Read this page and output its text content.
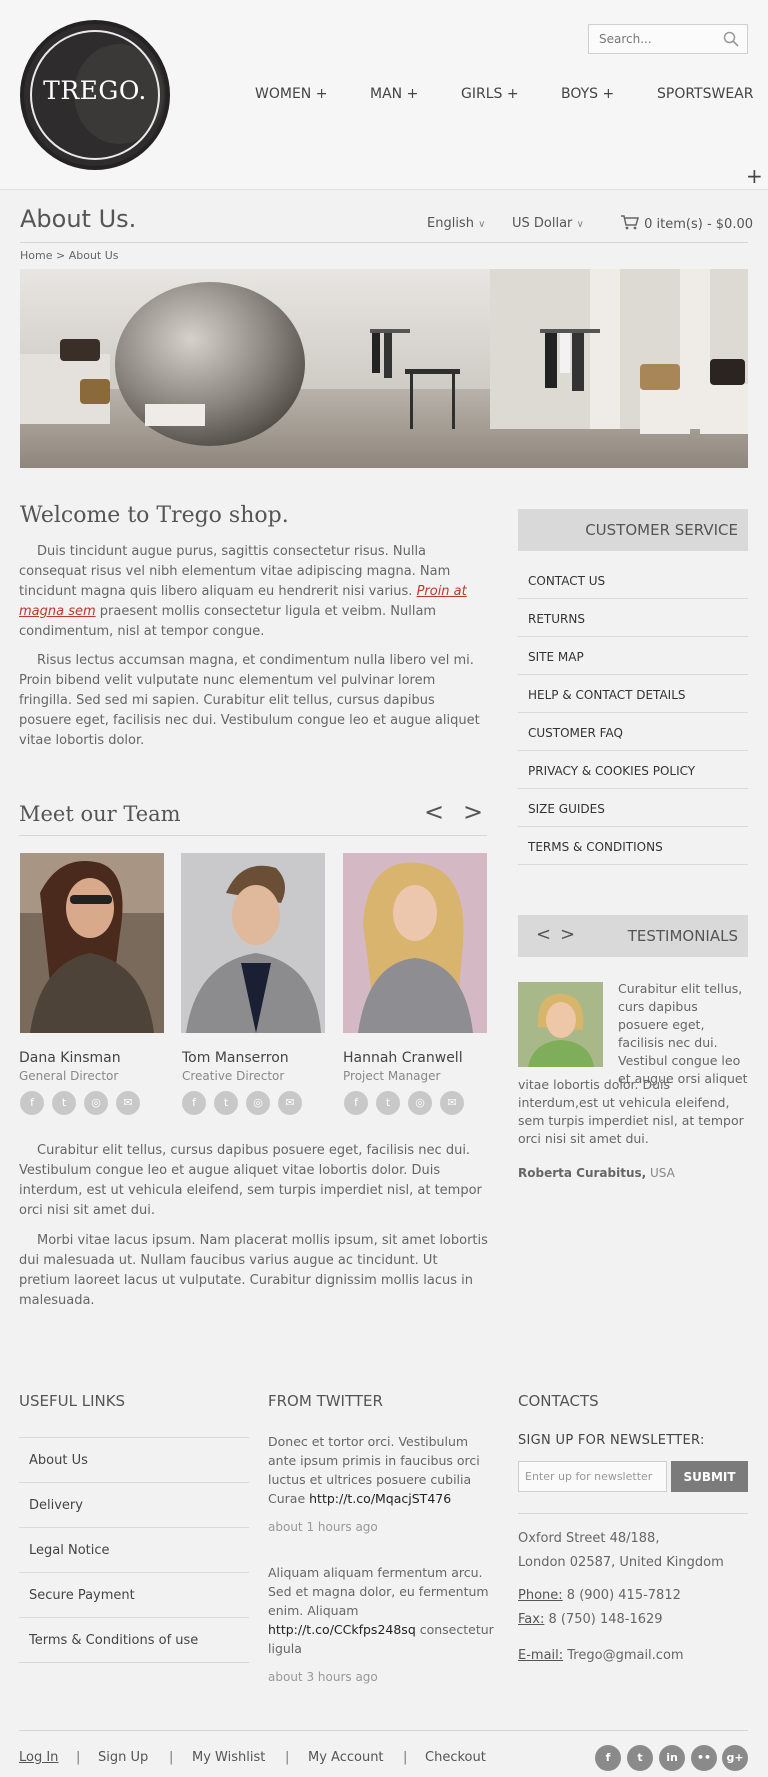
TREGO.
Search...	WOMEN +	MAN +	GIRLS +	BOYS +	SPORTSWEAR
+
About Us.	English ∨ US Dollar ∨	0 item(s) - $0.00
Home > About Us
Welcome to Trego shop.
Duis tincidunt augue purus, sagittis consectetur risus. Nulla consequat risus vel nibh elementum vitae adipiscing magna. Nam tincidunt magna quis libero aliquam eu hendrerit nisi varius. Proin at magna sem praesent mollis consectetur ligula et veibm. Nullam condimentum, nisl at tempor congue.
Risus lectus accumsan magna, et condimentum nulla libero vel mi. Proin bibend velit vulputate nunc elementum vel pulvinar lorem fringilla. Sed sed mi sapien. Curabitur elit tellus, cursus dapibus posuere eget, facilisis nec dui. Vestibulum congue leo et augue aliquet vitae lobortis dolor.
Meet our Team	< >
Dana Kinsman
General Director
Tom Manserron
Creative Director
Hannah Cranwell
Project Manager
f	t	◎	✉	f	t	◎	✉	f	t	◎	✉
Curabitur elit tellus, cursus dapibus posuere eget, facilisis nec dui. Vestibulum congue leo et augue aliquet vitae lobortis dolor. Duis interdum, est ut vehicula eleifend, sem turpis imperdiet nisl, at tempor orci nisi sit amet dui.
Morbi vitae lacus ipsum. Nam placerat mollis ipsum, sit amet lobortis dui malesuada ut. Nullam faucibus varius augue ac tincidunt. Ut pretium laoreet lacus ut vulputate. Curabitur dignissim mollis lacus in malesuada.
CUSTOMER SERVICE
CONTACT US
RETURNS
SITE MAP
HELP & CONTACT DETAILS
CUSTOMER FAQ
PRIVACY & COOKIES POLICY
SIZE GUIDES
TERMS & CONDITIONS
< >	TESTIMONIALS
Curabitur elit tellus, curs dapibus posuere eget, facilisis nec dui. Vestibul congue leo et augue orsi aliquet
vitae lobortis dolor. Duis interdum,est ut vehicula eleifend, sem turpis imperdiet nisl, at tempor orci nisi sit amet dui.
Roberta Curabitus, USA
USEFUL LINKS
About Us
Delivery
Legal Notice
Secure Payment
Terms & Conditions of use
FROM TWITTER
Donec et tortor orci. Vestibulum ante ipsum primis in faucibus orci luctus et ultrices posuere cubilia Curae http://t.co/MqacjST476
about 1 hours ago
Aliquam aliquam fermentum arcu. Sed et magna dolor, eu fermentum enim. Aliquam http://t.co/CCkfps248sq consectetur ligula
about 3 hours ago
CONTACTS
SIGN UP FOR NEWSLETTER:
Enter up for newsletter
SUBMIT
Oxford Street 48/188,
London 02587, United Kingdom
Phone: 8 (900) 415-7812
Fax: 8 (750) 148-1629
E-mail: Trego@gmail.com
Log In | Sign Up | My Wishlist | My Account | Checkout	f	t	in	••	g+
